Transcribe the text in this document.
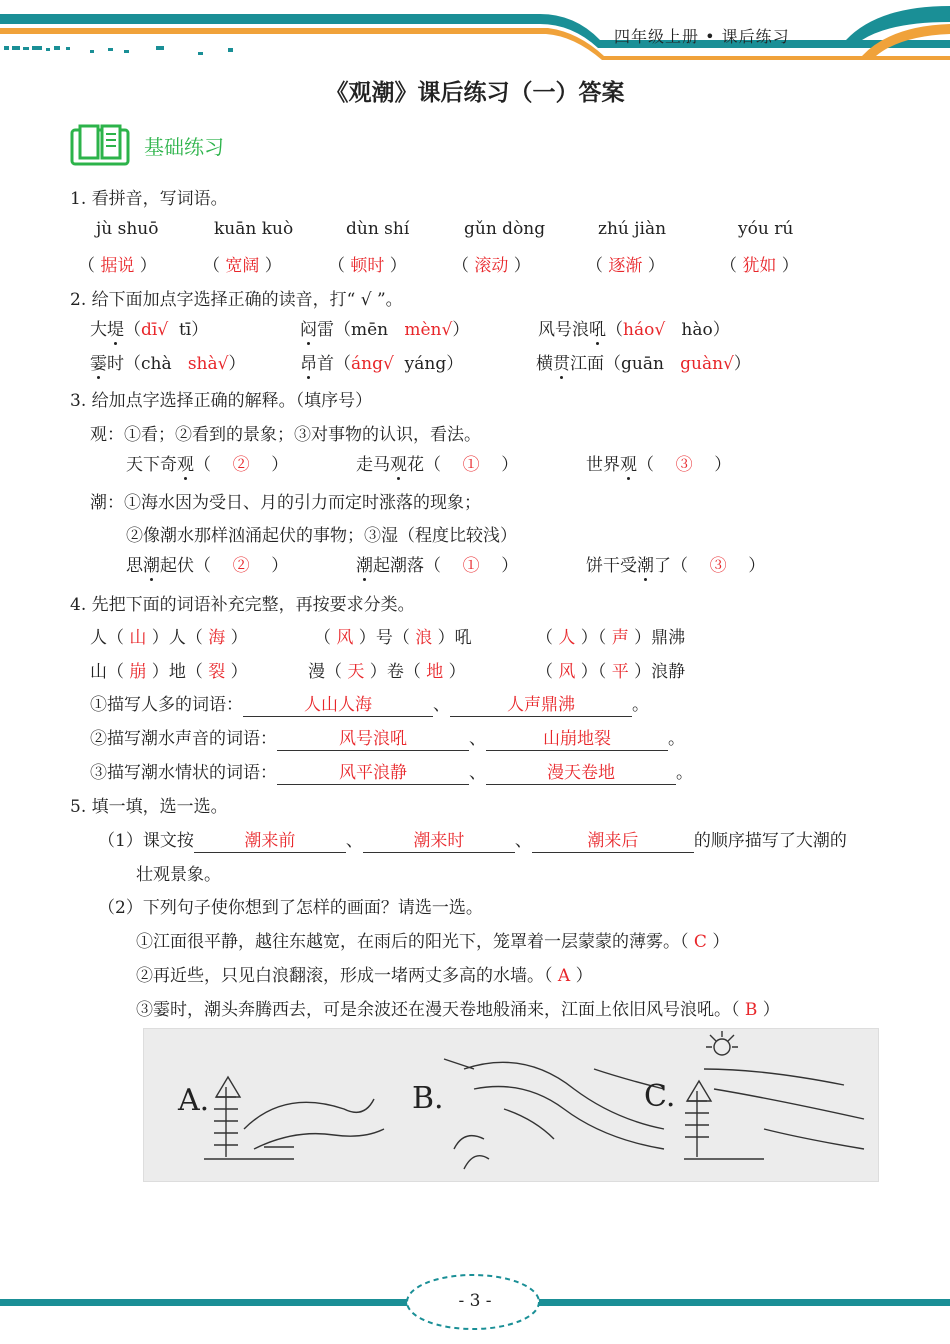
四年级上册 • 课后练习
《观潮》课后练习（一）答案
基础练习
1. 看拼音，写词语。
jù shuō	kuān kuò	dùn shí	gǔn dòng	zhú jiàn	yóu rú
（ 据说 ）	（ 宽阔 ）	（ 顿时 ）	（ 滚动 ）	（ 逐渐 ）	（ 犹如 ）
2. 给下面加点字选择正确的读音，打“ √ ”。
大堤（dī√ tī）	闷雷（mēn mèn√）	风号浪吼（háo√ hào）
霎时（chà shà√）	昂首（áng√ yáng）	横贯江面（guān guàn√）
3. 给加点字选择正确的解释。（填序号）
观：①看；②看到的景象；③对事物的认识，看法。
天下奇观（    ②    ）	走马观花（    ①    ）	世界观（    ③    ）
潮：①海水因为受日、月的引力而定时涨落的现象；
②像潮水那样汹涌起伏的事物；③湿（程度比较浅）
思潮起伏（    ②    ）	潮起潮落（    ①    ）	饼干受潮了（    ③    ）
4. 先把下面的词语补充完整，再按要求分类。
人（ 山 ）人（ 海 ）	（ 风 ）号（ 浪 ）吼	（ 人 ）（ 声 ）鼎沸
山（ 崩 ）地（ 裂 ）	漫（ 天 ）卷（ 地 ）	（ 风 ）（ 平 ）浪静
①描写人多的词语：	人山人海	、	人声鼎沸	。
②描写潮水声音的词语：	风号浪吼	、	山崩地裂	。
③描写潮水情状的词语：	风平浪静	、	漫天卷地	。
5. 填一填，选一选。
（1）课文按	潮来前	、	潮来时	、	潮来后	的顺序描写了大潮的
壮观景象。
（2）下列句子使你想到了怎样的画面？请选一选。
①江面很平静，越往东越宽，在雨后的阳光下，笼罩着一层蒙蒙的薄雾。（ C ）
②再近些，只见白浪翻滚，形成一堵两丈多高的水墙。（ A ）
③霎时，潮头奔腾西去，可是余波还在漫天卷地般涌来，江面上依旧风号浪吼。（ B ）
A.	B.	C.
- 3 -
